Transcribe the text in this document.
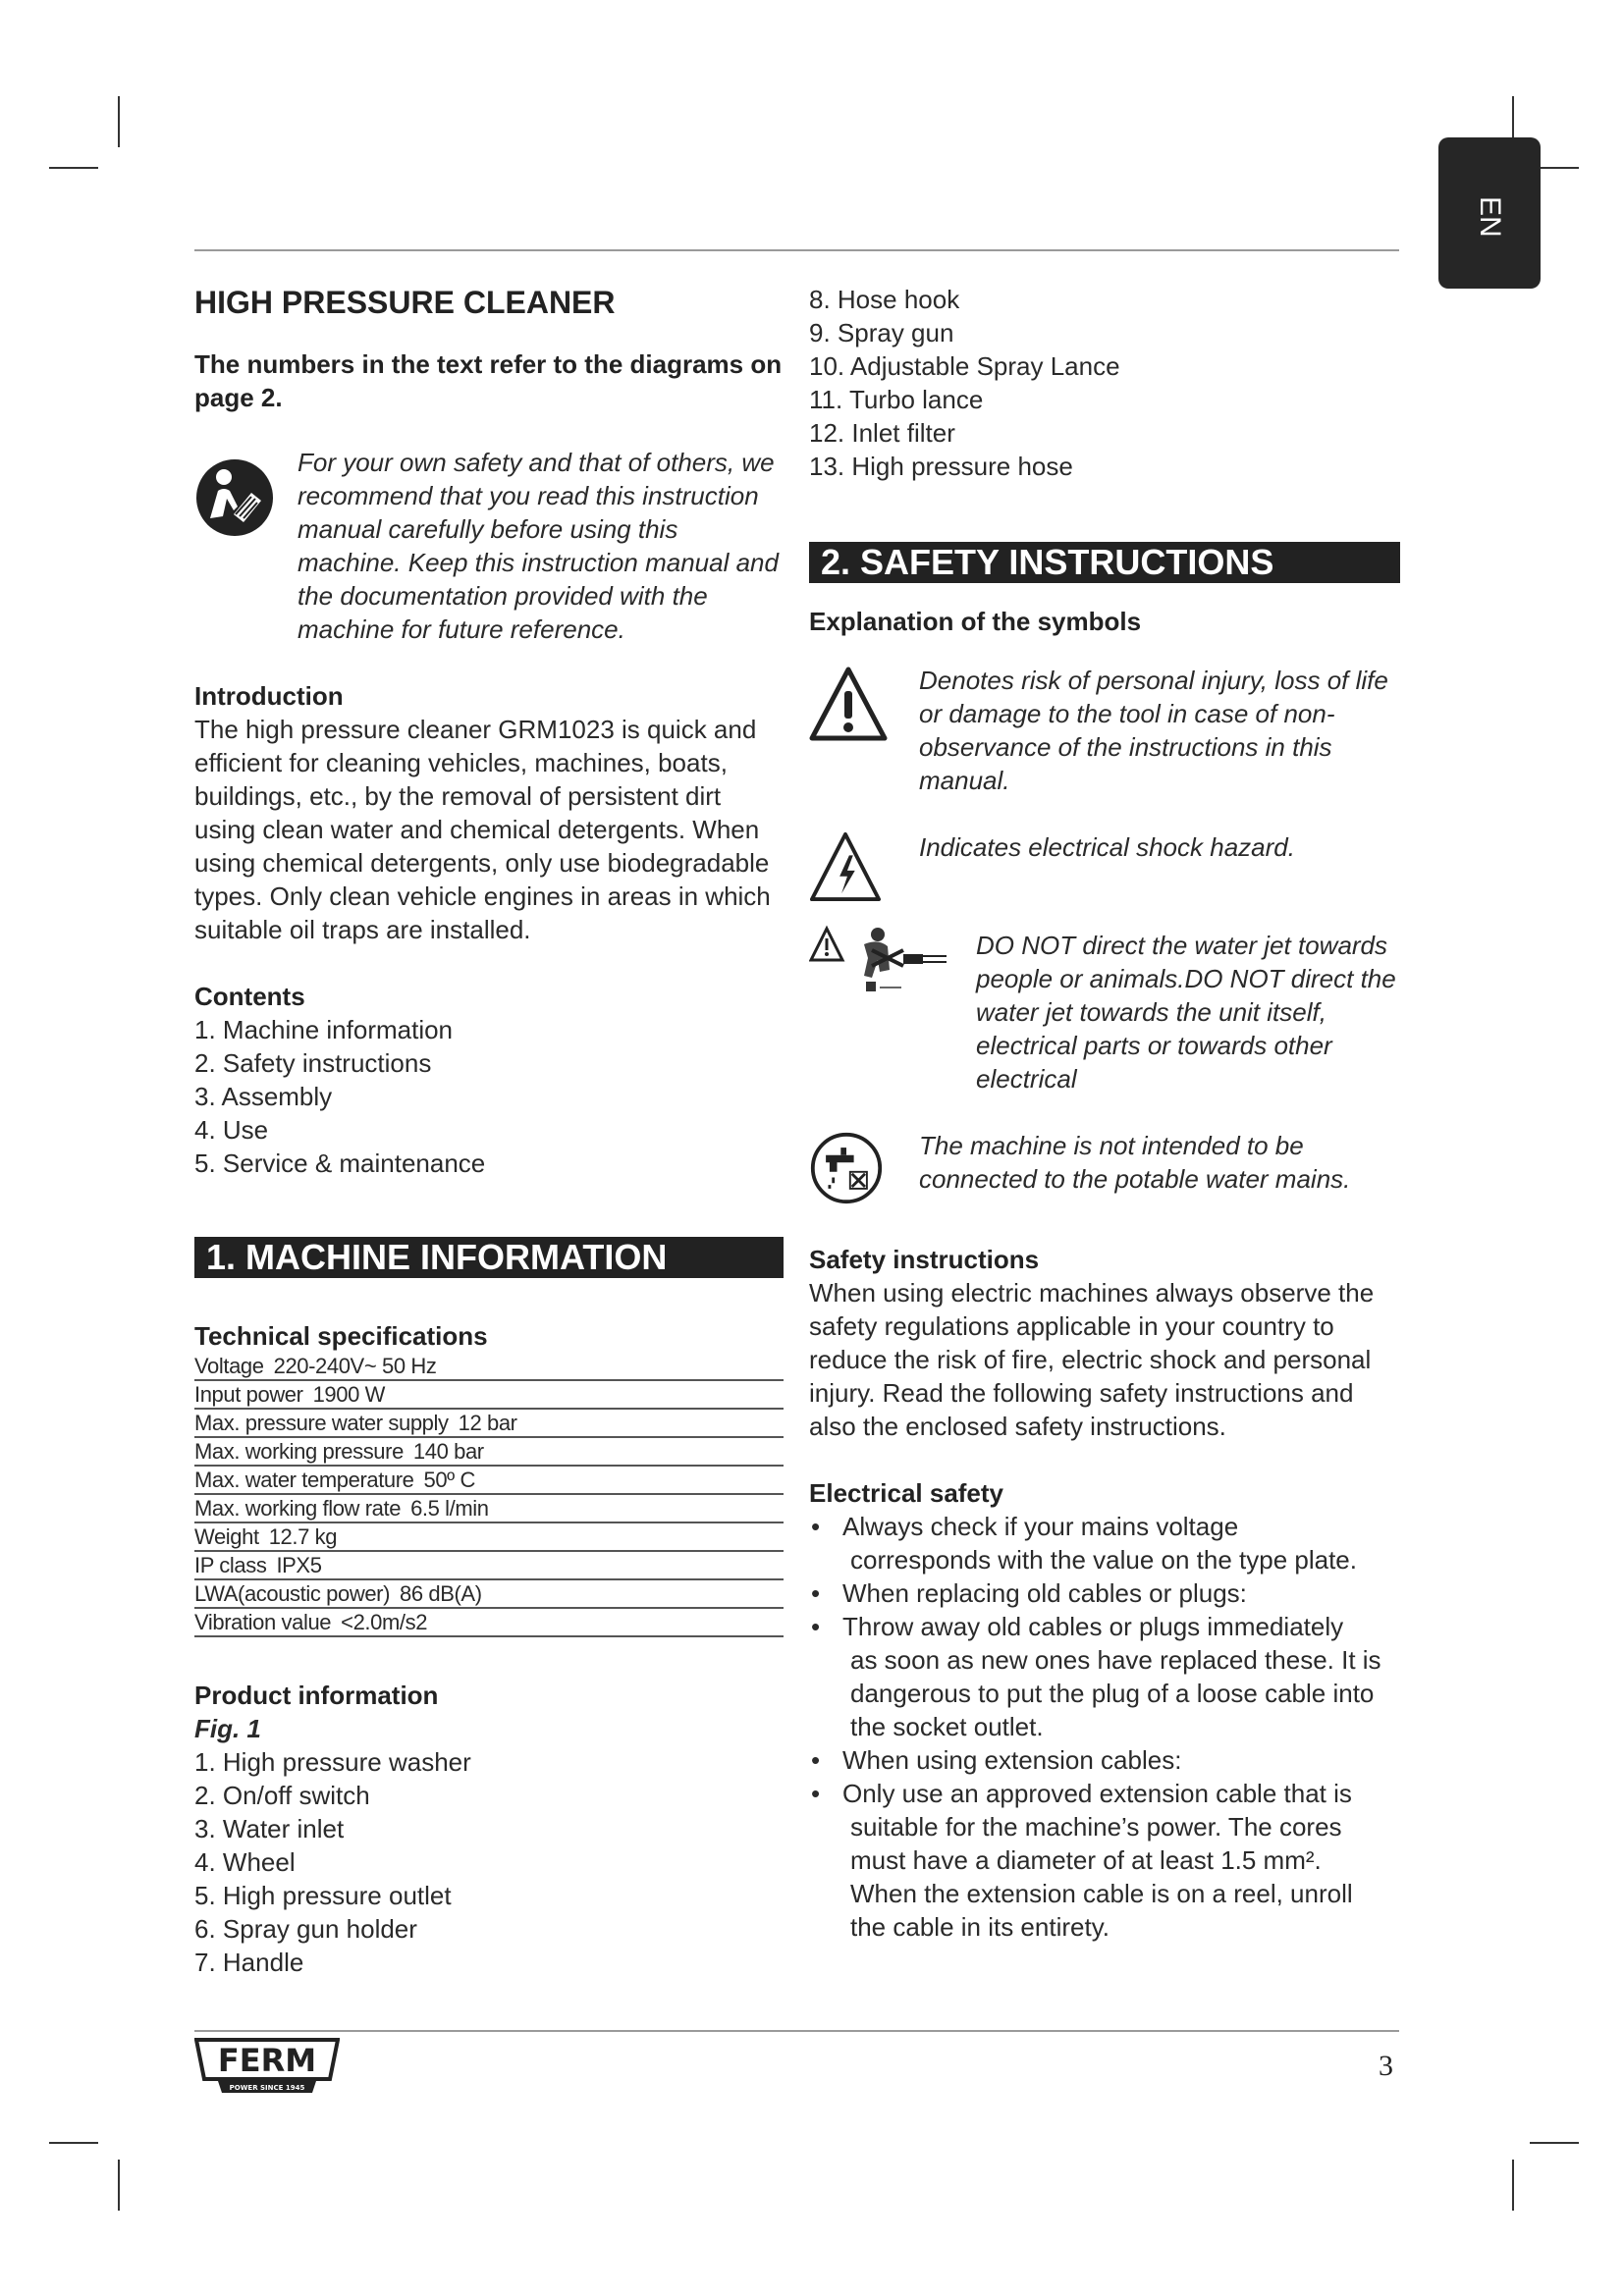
EN
HIGH PRESSURE CLEANER

The numbers in the text refer to the diagrams on page 2.

For your own safety and that of others, we recommend that you read this instruction manual carefully before using this machine. Keep this instruction manual and the documentation provided with the machine for future reference.

Introduction

The high pressure cleaner GRM1023 is quick and efficient for cleaning vehicles, machines, boats, buildings, etc., by the removal of persistent dirt using clean water and chemical detergents. When using chemical detergents, only use biodegradable types. Only clean vehicle engines in areas in which suitable oil traps are installed.

Contents
1. Machine information
2. Safety instructions
3. Assembly
4. Use
5. Service & maintenance
1. MACHINE INFORMATION
Technical specifications
Voltage 220-240V~ 50 Hz
Input power 1900 W
Max. pressure water supply 12 bar
Max. working pressure 140 bar
Max. water temperature 50º C
Max. working flow rate 6.5 l/min
Weight 12.7 kg
IP class IPX5
LWA(acoustic power) 86 dB(A)
Vibration value <2.0m/s2
Product information

Fig. 1

1. High pressure washer
2. On/off switch
3. Water inlet
4. Wheel
5. High pressure outlet
6. Spray gun holder
7. Handle
8. Hose hook
9. Spray gun
10. Adjustable Spray Lance
11. Turbo lance
12. Inlet filter
13. High pressure hose
2. SAFETY INSTRUCTIONS
Explanation of the symbols

Denotes risk of personal injury, loss of life or damage to the tool in case of non-observance of the instructions in this manual.

Indicates electrical shock hazard.

DO NOT direct the water jet towards people or animals.DO NOT direct the water jet towards the unit itself, electrical parts or towards other electrical

The machine is not intended to be connected to the potable water mains.

Safety instructions

When using electric machines always observe the safety regulations applicable in your country to reduce the risk of fire, electric shock and personal injury. Read the following safety instructions and also the enclosed safety instructions.

Electrical safety
• Always check if your mains voltage
corresponds with the value on the type plate.
• When replacing old cables or plugs:
• Throw away old cables or plugs immediately
as soon as new ones have replaced these. It is
dangerous to put the plug of a loose cable into
the socket outlet.
• When using extension cables:
• Only use an approved extension cable that is
suitable for the machine’s power. The cores
must have a diameter of at least 1.5 mm².
When the extension cable is on a reel, unroll
the cable in its entirety.
FERM
POWER SINCE 1945
3
